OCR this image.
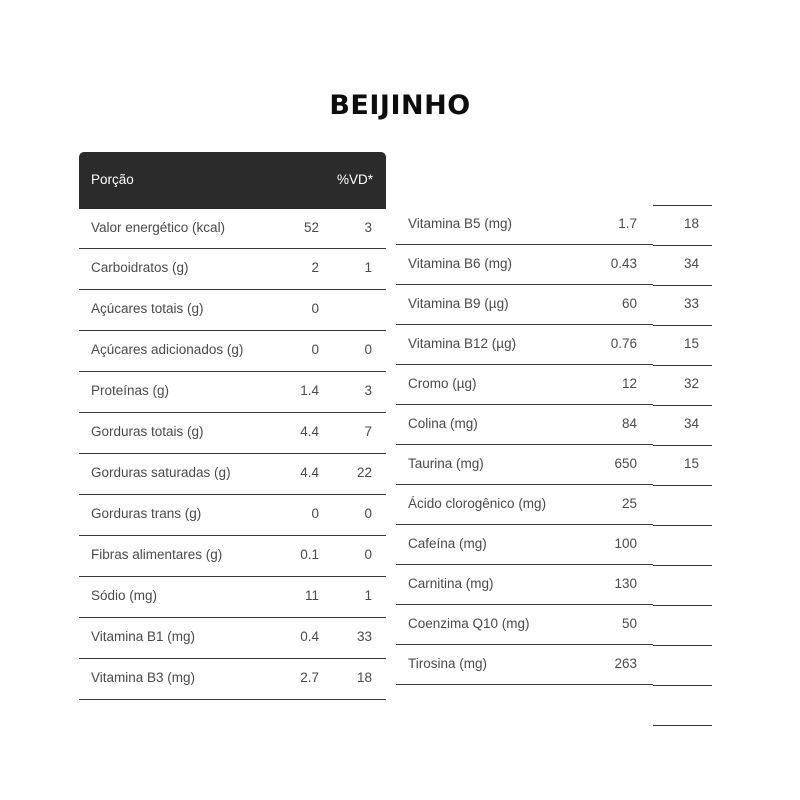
BEIJINHO
Porção	%VD*
Valor energético (kcal)	52	3
Carboidratos (g)	2	1
Açúcares totais (g)	0
Açúcares adicionados (g)	0	0
Proteínas (g)	1.4	3
Gorduras totais (g)	4.4	7
Gorduras saturadas (g)	4.4	22
Gorduras trans (g)	0	0
Fibras alimentares (g)	0.1	0
Sódio (mg)	11	1
Vitamina B1 (mg)	0.4	33
Vitamina B3 (mg)	2.7	18
Vitamina B5 (mg)	1.7	18
Vitamina B6 (mg)	0.43	34
Vitamina B9 (µg)	60	33
Vitamina B12 (µg)	0.76	15
Cromo (µg)	12	32
Colina (mg)	84	34
Taurina (mg)	650	15
Ácido clorogênico (mg)	25
Cafeína (mg)	100
Carnitina (mg)	130
Coenzima Q10 (mg)	50
Tirosina (mg)	263
